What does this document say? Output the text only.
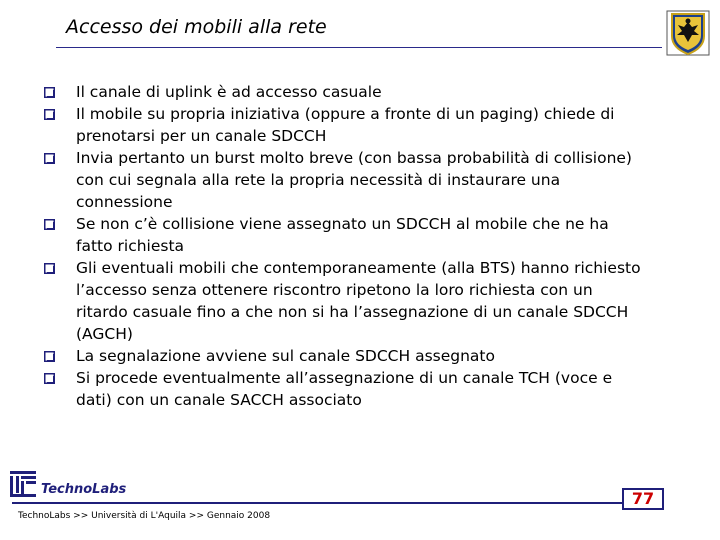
Accesso dei mobili alla rete
Il canale di uplink è ad accesso casuale
Il mobile su propria iniziativa (oppure a fronte di un paging) chiede di prenotarsi per un canale SDCCH
Invia pertanto un burst molto breve (con bassa probabilità di collisione) con cui segnala alla rete la propria necessità di instaurare una connessione
Se non c’è collisione viene assegnato un SDCCH al mobile che ne ha fatto richiesta
Gli eventuali mobili che contemporaneamente (alla BTS) hanno richiesto l’accesso senza ottenere riscontro ripetono la loro richiesta con un ritardo casuale fino a che non si ha l’assegnazione di un canale SDCCH (AGCH)
La segnalazione avviene sul canale SDCCH assegnato
Si procede eventualmente all’assegnazione di un canale TCH (voce e dati) con un canale SACCH associato
TechnoLabs
TechnoLabs >> Università di L'Aquila >> Gennaio 2008
77
